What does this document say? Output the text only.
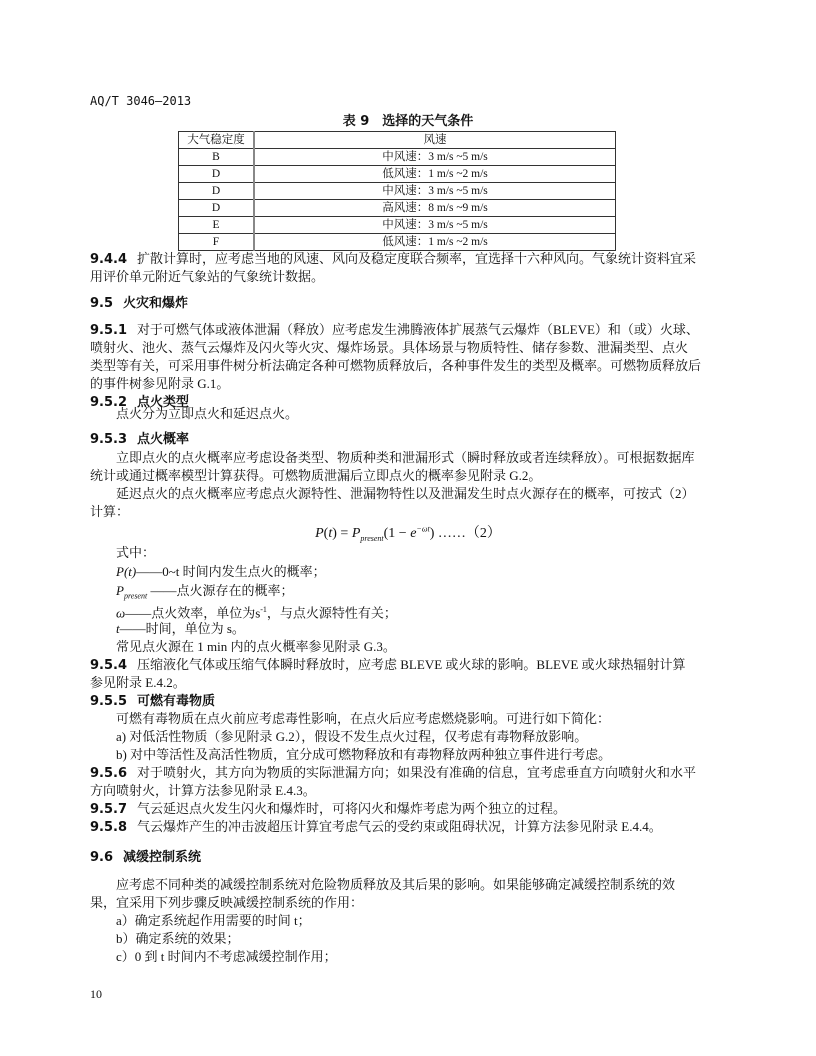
AQ/T 3046—2013
表 9　选择的天气条件
大气稳定度	风速
B	中风速：3 m/s ~5 m/s
D	低风速：1 m/s ~2 m/s
D	中风速：3 m/s ~5 m/s
D	高风速：8 m/s ~9 m/s
E	中风速：3 m/s ~5 m/s
F	低风速：1 m/s ~2 m/s
9.4.4 扩散计算时，应考虑当地的风速、风向及稳定度联合频率，宜选择十六种风向。气象统计资料宜采
用评价单元附近气象站的气象统计数据。
9.5 火灾和爆炸
9.5.1 对于可燃气体或液体泄漏（释放）应考虑发生沸腾液体扩展蒸气云爆炸（BLEVE）和（或）火球、
喷射火、池火、蒸气云爆炸及闪火等火灾、爆炸场景。具体场景与物质特性、储存参数、泄漏类型、点火
类型等有关，可采用事件树分析法确定各种可燃物质释放后，各种事件发生的类型及概率。可燃物质释放后
的事件树参见附录 G.1。
9.5.2 点火类型
点火分为立即点火和延迟点火。
9.5.3 点火概率
立即点火的点火概率应考虑设备类型、物质种类和泄漏形式（瞬时释放或者连续释放）。可根据数据库
统计或通过概率模型计算获得。可燃物质泄漏后立即点火的概率参见附录 G.2。
延迟点火的点火概率应考虑点火源特性、泄漏物特性以及泄漏发生时点火源存在的概率，可按式（2）
计算：
$P(t) = P_{present}(1 - e^{-\omega t})$ ……（2）
式中：
P(t)——0~t 时间内发生点火的概率；
$P_{present}$ ——点火源存在的概率；
ω——点火效率，单位为$s^{-1}$，与点火源特性有关；
t——时间，单位为 s。
常见点火源在 1 min 内的点火概率参见附录 G.3。
9.5.4 压缩液化气体或压缩气体瞬时释放时，应考虑 BLEVE 或火球的影响。BLEVE 或火球热辐射计算
参见附录 E.4.2。
9.5.5 可燃有毒物质
可燃有毒物质在点火前应考虑毒性影响，在点火后应考虑燃烧影响。可进行如下简化：
a) 对低活性物质（参见附录 G.2），假设不发生点火过程，仅考虑有毒物释放影响。
b) 对中等活性及高活性物质，宜分成可燃物释放和有毒物释放两种独立事件进行考虑。
9.5.6 对于喷射火，其方向为物质的实际泄漏方向；如果没有准确的信息，宜考虑垂直方向喷射火和水平
方向喷射火，计算方法参见附录 E.4.3。
9.5.7 气云延迟点火发生闪火和爆炸时，可将闪火和爆炸考虑为两个独立的过程。
9.5.8 气云爆炸产生的冲击波超压计算宜考虑气云的受约束或阻碍状况，计算方法参见附录 E.4.4。
9.6 减缓控制系统
应考虑不同种类的减缓控制系统对危险物质释放及其后果的影响。如果能够确定减缓控制系统的效
果，宜采用下列步骤反映减缓控制系统的作用：
a）确定系统起作用需要的时间 t；
b）确定系统的效果；
c）0 到 t 时间内不考虑减缓控制作用；
10
